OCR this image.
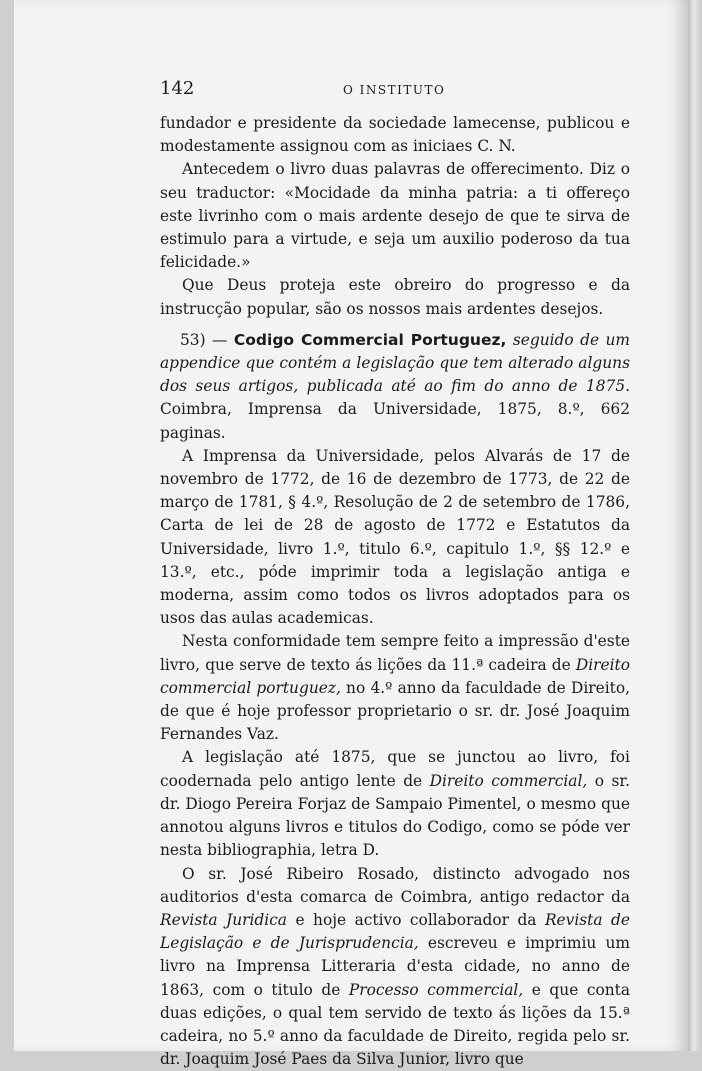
142	O INSTITUTO

fundador e presidente da sociedade lamecense, publicou e modestamente assignou com as iniciaes C. N.

Antecedem o livro duas palavras de offerecimento. Diz o seu traductor: «Mocidade da minha patria: a ti offereço este livrinho com o mais ardente desejo de que te sirva de estimulo para a virtude, e seja um auxilio poderoso da tua felicidade.»

Que Deus proteja este obreiro do progresso e da instrucção popular, são os nossos mais ardentes desejos.

53) — Codigo Commercial Portuguez, seguido de um appendice que contém a legislação que tem alterado alguns dos seus artigos, publicada até ao fim do anno de 1875. Coimbra, Imprensa da Universidade, 1875, 8.º, 662 paginas.

A Imprensa da Universidade, pelos Alvarás de 17 de novembro de 1772, de 16 de dezembro de 1773, de 22 de março de 1781, § 4.º, Resolução de 2 de setembro de 1786, Carta de lei de 28 de agosto de 1772 e Estatutos da Universidade, livro 1.º, titulo 6.º, capitulo 1.º, §§ 12.º e 13.º, etc., póde imprimir toda a legislação antiga e moderna, assim como todos os livros adoptados para os usos das aulas academicas.

Nesta conformidade tem sempre feito a impressão d'este livro, que serve de texto ás lições da 11.ª cadeira de Direito commercial portuguez, no 4.º anno da faculdade de Direito, de que é hoje professor proprietario o sr. dr. José Joaquim Fernandes Vaz.

A legislação até 1875, que se junctou ao livro, foi coodernada pelo antigo lente de Direito commercial, o sr. dr. Diogo Pereira Forjaz de Sampaio Pimentel, o mesmo que annotou alguns livros e titulos do Codigo, como se póde ver nesta bibliographia, letra D.

O sr. José Ribeiro Rosado, distincto advogado nos auditorios d'esta comarca de Coimbra, antigo redactor da Revista Juridica e hoje activo collaborador da Revista de Legislação e de Jurisprudencia, escreveu e imprimiu um livro na Imprensa Litteraria d'esta cidade, no anno de 1863, com o titulo de Processo commercial, e que conta duas edições, o qual tem servido de texto ás lições da 15.ª cadeira, no 5.º anno da faculdade de Direito, regida pelo sr. dr. Joaquim José Paes da Silva Junior, livro que
